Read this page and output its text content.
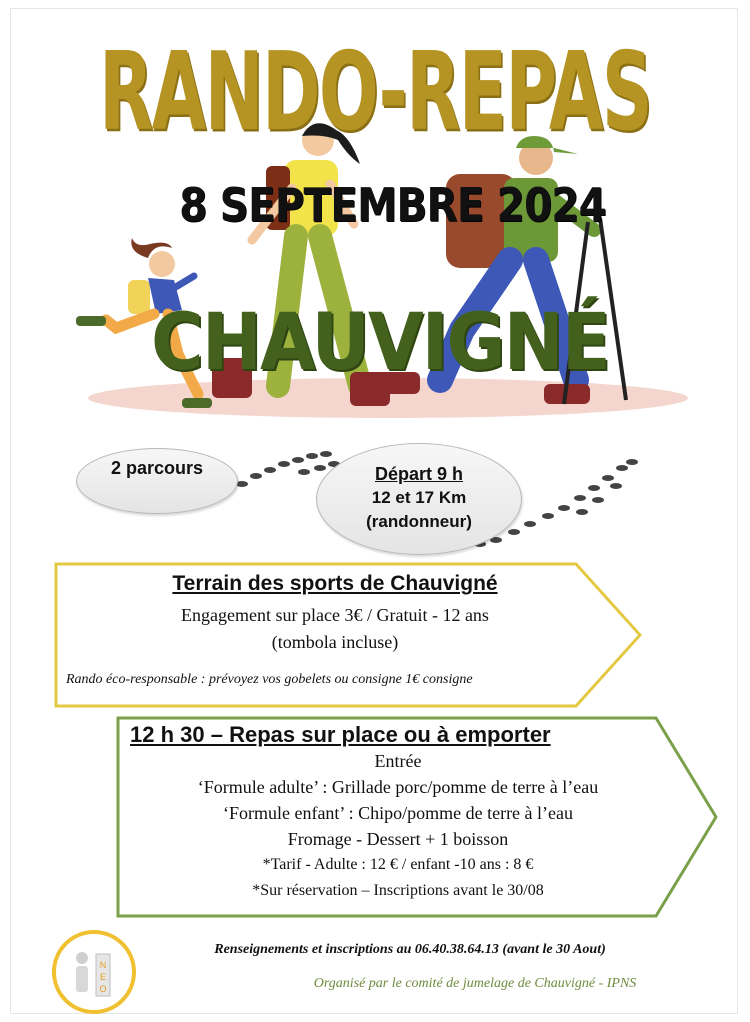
RANDO-REPAS
8 SEPTEMBRE 2024
CHAUVIGNÉ
2 parcours	Départ 9 h
12 et 17 Km
(randonneur)
Terrain des sports de Chauvigné
Engagement sur place 3€ / Gratuit - 12 ans
(tombola incluse)
Rando éco-responsable : prévoyez vos gobelets ou consigne 1€ consigne
12 h 30 – Repas sur place ou à emporter
Entrée
‘Formule adulte’ : Grillade porc/pomme de terre à l’eau
‘Formule enfant’ : Chipo/pomme de terre à l’eau
Fromage - Dessert + 1 boisson
*Tarif - Adulte : 12 € / enfant -10 ans : 8 €
*Sur réservation – Inscriptions avant le 30/08
N
E
O
Renseignements et inscriptions au 06.40.38.64.13 (avant le 30 Aout)
Organisé par le comité de jumelage de Chauvigné - IPNS
